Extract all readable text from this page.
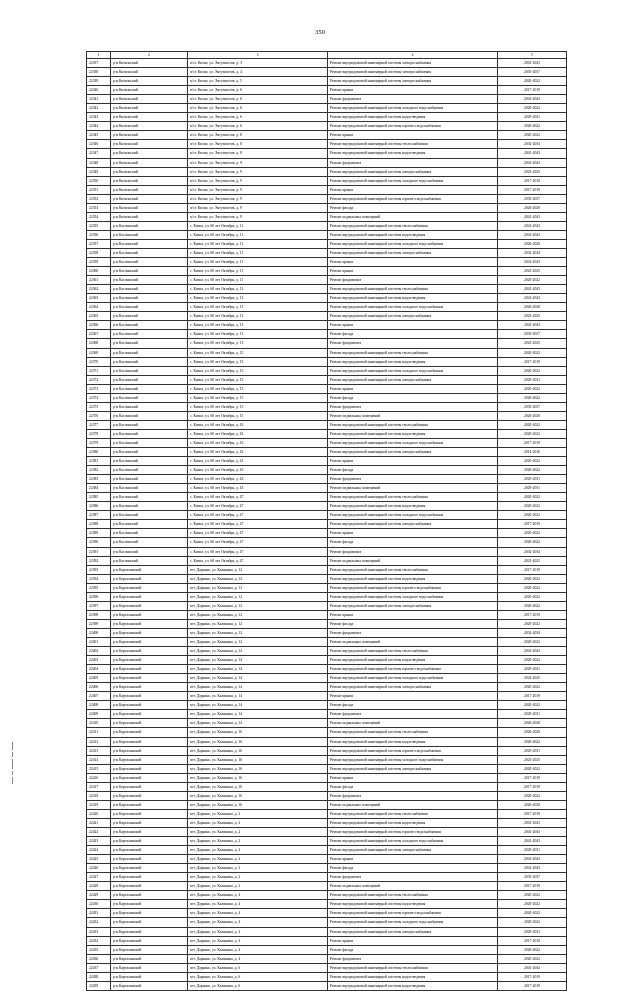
350
1	2	3	4	5
22337	р-н Кизильский	п/ст. Кизил, ул. Энтузиастов, д. 3	Ремонт внутридомовой инженерной системы электроснабжения	2041-2043
22338	р-н Кизильский	п/ст. Кизил, ул. Энтузиастов, д. 4	Ремонт внутридомовой инженерной системы электроснабжения	2035-2037
22339	р-н Кизильский	п/ст. Кизил, ул. Энтузиастов, д. 5	Ремонт внутридомовой инженерной системы электроснабжения	2020-2022
22340	р-н Кизильский	п/ст. Кизил, ул. Энтузиастов, д. 6	Ремонт крыши	2017-2019
22341	р-н Кизильский	п/ст. Кизил, ул. Энтузиастов, д. 6	Ремонт фундамента	2041-2043
22342	р-н Кизильский	п/ст. Кизил, ул. Энтузиастов, д. 6	Ремонт внутридомовой инженерной системы холодного водоснабжения	2020-2022
22343	р-н Кизильский	п/ст. Кизил, ул. Энтузиастов, д. 6	Ремонт внутридомовой инженерной системы водоотведения	2029-2031
22344	р-н Кизильский	п/ст. Кизил, ул. Энтузиастов, д. 6	Ремонт внутридомовой инженерной системы горячего водоснабжения	2020-2022
22345	р-н Кизильский	п/ст. Кизил, ул. Энтузиастов, д. 8	Ремонт крыши	2020-2022
22346	р-н Кизильский	п/ст. Кизил, ул. Энтузиастов, д. 8	Ремонт внутридомовой инженерной системы теплоснабжения	2032-2034
22347	р-н Кизильский	п/ст. Кизил, ул. Энтузиастов, д. 8	Ремонт внутридомовой инженерной системы водоотведения	2041-2043
22348	р-н Кизильский	п/ст. Кизил, ул. Энтузиастов, д. 9	Ремонт фундамента	2041-2043
22349	р-н Кизильский	п/ст. Кизил, ул. Энтузиастов, д. 9	Ремонт внутридомовой инженерной системы электроснабжения	2023-2025
22350	р-н Кизильский	п/ст. Кизил, ул. Энтузиастов, д. 9	Ремонт внутридомовой инженерной системы холодного водоснабжения	2017-2019
22351	р-н Кизильский	п/ст. Кизил, ул. Энтузиастов, д. 9	Ремонт крыши	2017-2019
22352	р-н Кизильский	п/ст. Кизил, ул. Энтузиастов, д. 9	Ремонт внутридомовой инженерной системы горячего водоснабжения	2035-2037
22353	р-н Кизильский	п/ст. Кизил, ул. Энтузиастов, д. 9	Ремонт фасада	2026-2028
22354	р-н Кизильский	п/ст. Кизил, ул. Энтузиастов, д. 9	Ремонт подвальных помещений	2041-2043
22355	р-н Каслинский	с. Кизил, ул. 60 лет Октября, д. 11	Ремонт внутридомовой инженерной системы теплоснабжения	2041-2043
22356	р-н Каслинский	с. Кизил, ул. 60 лет Октября, д. 11	Ремонт внутридомовой инженерной системы водоотведения	2041-2043
22357	р-н Каслинский	с. Кизил, ул. 60 лет Октября, д. 11	Ремонт внутридомовой инженерной системы холодного водоснабжения	2026-2028
22358	р-н Каслинский	с. Кизил, ул. 60 лет Октября, д. 11	Ремонт внутридомовой инженерной системы электроснабжения	2032-2034
22359	р-н Каслинский	с. Кизил, ул. 60 лет Октября, д. 11	Ремонт крыши	2041-2043
22360	р-н Каслинский	с. Кизил, ул. 60 лет Октября, д. 11	Ремонт крыши	2023-2025
22361	р-н Каслинский	с. Кизил, ул. 60 лет Октября, д. 11	Ремонт фундамента	2020-2022
22362	р-н Каслинский	с. Кизил, ул. 60 лет Октября, д. 13	Ремонт внутридомовой инженерной системы теплоснабжения	2041-2043
22363	р-н Каслинский	с. Кизил, ул. 60 лет Октября, д. 13	Ремонт внутридомовой инженерной системы водоотведения	2041-2043
22364	р-н Каслинский	с. Кизил, ул. 60 лет Октября, д. 13	Ремонт внутридомовой инженерной системы холодного водоснабжения	2026-2028
22365	р-н Каслинский	с. Кизил, ул. 60 лет Октября, д. 13	Ремонт внутридомовой инженерной системы электроснабжения	2023-2025
22366	р-н Каслинский	с. Кизил, ул. 60 лет Октября, д. 13	Ремонт крыши	2041-2043
22367	р-н Каслинский	с. Кизил, ул. 60 лет Октября, д. 13	Ремонт фасада	2035-2037
22368	р-н Каслинский	с. Кизил, ул. 60 лет Октября, д. 13	Ремонт фундамента	2023-2025
22369	р-н Каслинский	с. Кизил, ул. 60 лет Октября, д. 15	Ремонт внутридомовой инженерной системы теплоснабжения	2020-2022
22370	р-н Каслинский	с. Кизил, ул. 60 лет Октября, д. 15	Ремонт внутридомовой инженерной системы водоотведения	2017-2019
22371	р-н Каслинский	с. Кизил, ул. 60 лет Октября, д. 15	Ремонт внутридомовой инженерной системы холодного водоснабжения	2020-2022
22372	р-н Каслинский	с. Кизил, ул. 60 лет Октября, д. 15	Ремонт внутридомовой инженерной системы электроснабжения	2029-2031
22373	р-н Каслинский	с. Кизил, ул. 60 лет Октября, д. 15	Ремонт крыши	2020-2022
22374	р-н Каслинский	с. Кизил, ул. 60 лет Октября, д. 15	Ремонт фасада	2020-2022
22375	р-н Каслинский	с. Кизил, ул. 60 лет Октября, д. 15	Ремонт фундамента	2035-2037
22376	р-н Каслинский	с. Кизил, ул. 60 лет Октября, д. 15	Ремонт подвальных помещений	2026-2028
22377	р-н Каслинский	с. Кизил, ул. 60 лет Октября, д. 43	Ремонт внутридомовой инженерной системы теплоснабжения	2020-2022
22378	р-н Каслинский	с. Кизил, ул. 60 лет Октября, д. 43	Ремонт внутридомовой инженерной системы водоотведения	2020-2022
22379	р-н Каслинский	с. Кизил, ул. 60 лет Октября, д. 43	Ремонт внутридомовой инженерной системы холодного водоснабжения	2017-2019
22380	р-н Каслинский	с. Кизил, ул. 60 лет Октября, д. 43	Ремонт внутридомовой инженерной системы электроснабжения	2014-2016
22381	р-н Каслинский	с. Кизил, ул. 60 лет Октября, д. 43	Ремонт крыши	2020-2022
22382	р-н Каслинский	с. Кизил, ул. 60 лет Октября, д. 43	Ремонт фасада	2020-2022
22383	р-н Каслинский	с. Кизил, ул. 60 лет Октября, д. 43	Ремонт фундамента	2029-2031
22384	р-н Каслинский	с. Кизил, ул. 60 лет Октября, д. 43	Ремонт подвальных помещений	2029-2031
22385	р-н Каслинский	с. Кизил, ул. 60 лет Октября, д. 47	Ремонт внутридомовой инженерной системы теплоснабжения	2020-2022
22386	р-н Каслинский	с. Кизил, ул. 60 лет Октября, д. 47	Ремонт внутридомовой инженерной системы водоотведения	2020-2022
22387	р-н Каслинский	с. Кизил, ул. 60 лет Октября, д. 47	Ремонт внутридомовой инженерной системы холодного водоснабжения	2020-2022
22388	р-н Каслинский	с. Кизил, ул. 60 лет Октября, д. 47	Ремонт внутридомовой инженерной системы электроснабжения	2017-2019
22389	р-н Каслинский	с. Кизил, ул. 60 лет Октября, д. 47	Ремонт крыши	2020-2022
22390	р-н Каслинский	с. Кизил, ул. 60 лет Октября, д. 47	Ремонт фасада	2020-2022
22391	р-н Каслинский	с. Кизил, ул. 60 лет Октября, д. 47	Ремонт фундамента	2032-2034
22392	р-н Каслинский	с. Кизил, ул. 60 лет Октября, д. 47	Ремонт подвальных помещений	2023-2025
22393	р-н Карталинский	пгт. Дарьино, ул. Калинина, д. 12	Ремонт внутридомовой инженерной системы теплоснабжения	2017-2019
22394	р-н Карталинский	пгт. Дарьино, ул. Калинина, д. 12	Ремонт внутридомовой инженерной системы водоотведения	2020-2022
22395	р-н Карталинский	пгт. Дарьино, ул. Калинина, д. 12	Ремонт внутридомовой инженерной системы горячего водоснабжения	2020-2022
22396	р-н Карталинский	пгт. Дарьино, ул. Калинина, д. 12	Ремонт внутридомовой инженерной системы холодного водоснабжения	2020-2022
22397	р-н Карталинский	пгт. Дарьино, ул. Калинина, д. 12	Ремонт внутридомовой инженерной системы электроснабжения	2020-2022
22398	р-н Карталинский	пгт. Дарьино, ул. Калинина, д. 12	Ремонт крыши	2017-2019
22399	р-н Карталинский	пгт. Дарьино, ул. Калинина, д. 12	Ремонт фасада	2020-2022
22400	р-н Карталинский	пгт. Дарьино, ул. Калинина, д. 12	Ремонт фундамента	2032-2034
22401	р-н Карталинский	пгт. Дарьино, ул. Калинина, д. 12	Ремонт подвальных помещений	2020-2022
22402	р-н Карталинский	пгт. Дарьино, ул. Калинина, д. 14	Ремонт внутридомовой инженерной системы теплоснабжения	2041-2043
22403	р-н Карталинский	пгт. Дарьино, ул. Калинина, д. 14	Ремонт внутридомовой инженерной системы водоотведения	2020-2022
22404	р-н Карталинский	пгт. Дарьино, ул. Калинина, д. 14	Ремонт внутридомовой инженерной системы горячего водоснабжения	2029-2031
22405	р-н Карталинский	пгт. Дарьино, ул. Калинина, д. 14	Ремонт внутридомовой инженерной системы холодного водоснабжения	2023-2025
22406	р-н Карталинский	пгт. Дарьино, ул. Калинина, д. 14	Ремонт внутридомовой инженерной системы электроснабжения	2020-2022
22407	р-н Карталинский	пгт. Дарьино, ул. Калинина, д. 14	Ремонт крыши	2017-2019
22408	р-н Карталинский	пгт. Дарьино, ул. Калинина, д. 14	Ремонт фасада	2020-2022
22409	р-н Карталинский	пгт. Дарьино, ул. Калинина, д. 14	Ремонт фундамента	2029-2031
22410	р-н Карталинский	пгт. Дарьино, ул. Калинина, д. 14	Ремонт подвальных помещений	2026-2028
22411	р-н Карталинский	пгт. Дарьино, ул. Калинина, д. 16	Ремонт внутридомовой инженерной системы теплоснабжения	2026-2028
22412	р-н Карталинский	пгт. Дарьино, ул. Калинина, д. 16	Ремонт внутридомовой инженерной системы водоотведения	2020-2022
22413	р-н Карталинский	пгт. Дарьино, ул. Калинина, д. 16	Ремонт внутридомовой инженерной системы горячего водоснабжения	2029-2031
22414	р-н Карталинский	пгт. Дарьино, ул. Калинина, д. 16	Ремонт внутридомовой инженерной системы холодного водоснабжения	2023-2025
22415	р-н Карталинский	пгт. Дарьино, ул. Калинина, д. 16	Ремонт внутридомовой инженерной системы электроснабжения	2020-2022
22416	р-н Карталинский	пгт. Дарьино, ул. Калинина, д. 16	Ремонт крыши	2017-2019
22417	р-н Карталинский	пгт. Дарьино, ул. Калинина, д. 16	Ремонт фасада	2017-2019
22418	р-н Карталинский	пгт. Дарьино, ул. Калинина, д. 16	Ремонт фундамента	2020-2022
22419	р-н Карталинский	пгт. Дарьино, ул. Калинина, д. 16	Ремонт подвальных помещений	2026-2028
22420	р-н Карталинский	пгт. Дарьино, ул. Калинина, д. 2	Ремонт внутридомовой инженерной системы теплоснабжения	2017-2019
22421	р-н Карталинский	пгт. Дарьино, ул. Калинина, д. 2	Ремонт внутридомовой инженерной системы водоотведения	2041-2043
22422	р-н Карталинский	пгт. Дарьино, ул. Калинина, д. 2	Ремонт внутридомовой инженерной системы горячего водоснабжения	2041-2043
22423	р-н Карталинский	пгт. Дарьино, ул. Калинина, д. 2	Ремонт внутридомовой инженерной системы холодного водоснабжения	2041-2043
22424	р-н Карталинский	пгт. Дарьино, ул. Калинина, д. 2	Ремонт внутридомовой инженерной системы электроснабжения	2029-2031
22425	р-н Карталинский	пгт. Дарьино, ул. Калинина, д. 2	Ремонт крыши	2041-2043
22426	р-н Карталинский	пгт. Дарьино, ул. Калинина, д. 2	Ремонт фасада	2041-2043
22427	р-н Карталинский	пгт. Дарьино, ул. Калинина, д. 2	Ремонт фундамента	2035-2037
22428	р-н Карталинский	пгт. Дарьино, ул. Калинина, д. 2	Ремонт подвальных помещений	2017-2019
22429	р-н Карталинский	пгт. Дарьино, ул. Калинина, д. 4	Ремонт внутридомовой инженерной системы теплоснабжения	2020-2022
22430	р-н Карталинский	пгт. Дарьино, ул. Калинина, д. 4	Ремонт внутридомовой инженерной системы водоотведения	2020-2022
22431	р-н Карталинский	пгт. Дарьино, ул. Калинина, д. 4	Ремонт внутридомовой инженерной системы горячего водоснабжения	2020-2022
22432	р-н Карталинский	пгт. Дарьино, ул. Калинина, д. 4	Ремонт внутридомовой инженерной системы холодного водоснабжения	2020-2022
22433	р-н Карталинский	пгт. Дарьино, ул. Калинина, д. 4	Ремонт внутридомовой инженерной системы электроснабжения	2029-2031
22434	р-н Карталинский	пгт. Дарьино, ул. Калинина, д. 4	Ремонт крыши	2017-2019
22435	р-н Карталинский	пгт. Дарьино, ул. Калинина, д. 4	Ремонт фасада	2020-2022
22436	р-н Карталинский	пгт. Дарьино, ул. Калинина, д. 4	Ремонт фундамента	2020-2022
22437	р-н Карталинский	пгт. Дарьино, ул. Калинина, д. 6	Ремонт внутридомовой инженерной системы теплоснабжения	2041-2043
22438	р-н Карталинский	пгт. Дарьино, ул. Калинина, д. 6	Ремонт внутридомовой инженерной системы водоотведения	2017-2019
22439	р-н Карталинский	пгт. Дарьино, ул. Калинина, д. 6	Ремонт внутридомовой инженерной системы водоотведения	2017-2019
